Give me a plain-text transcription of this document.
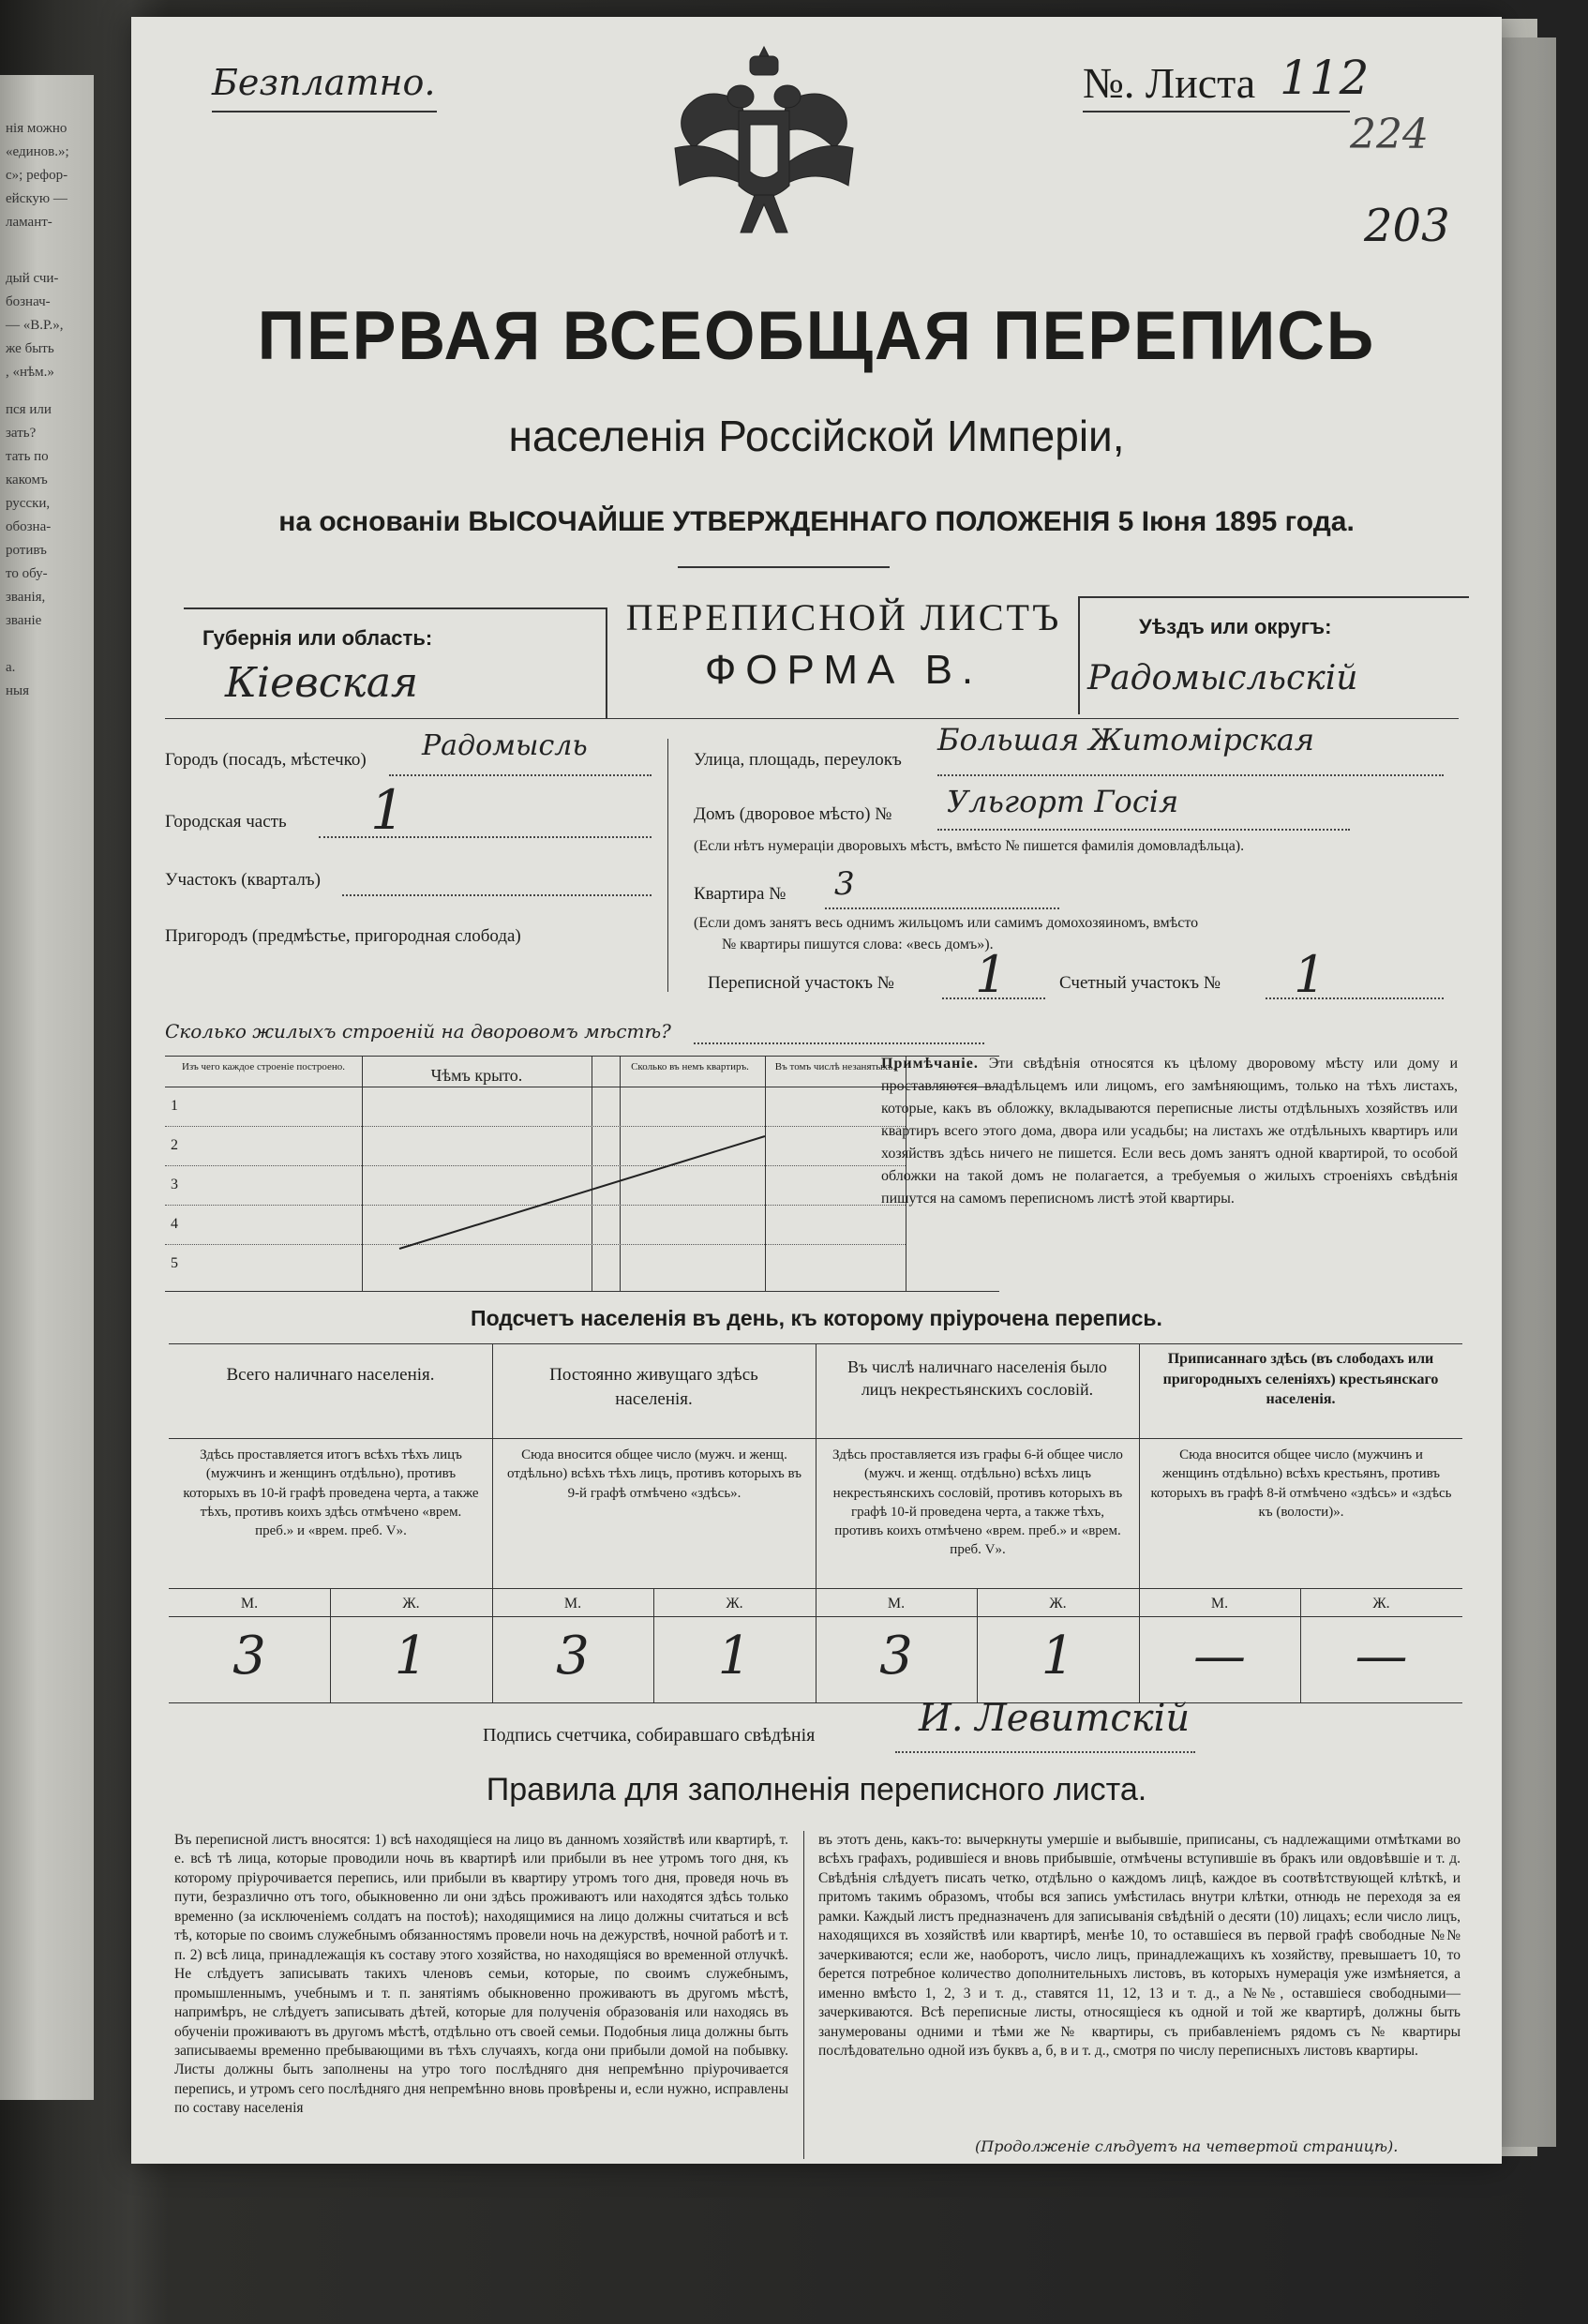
нія можно
«единов.»;
с»; рефор-
ейскую —
ламант-
дый счи-
бознач-
— «В.Р.»,
же быть
, «нѣм.»
пся или
зать?
тать по
какомъ
русски,
обозна-
ротивъ
то обу-
званія,
званіе
а.
ныя
Безплатно.	№. Листа 112
224
203
ПЕРВАЯ ВСЕОБЩАЯ ПЕРЕПИСЬ
населенія Россійской Имперіи,
на основаніи ВЫСОЧАЙШЕ УТВЕРЖДЕННАГО ПОЛОЖЕНІЯ 5 Іюня 1895 года.
Губернія или область:
Кіевская
ПЕРЕПИСНОЙ ЛИСТЪ
ФОРМА В.
Уѣздъ или округъ:
Радомысльскій
Городъ (посадъ, мѣстечко) Радомысль
Городская часть 1
Участокъ (кварталъ)
Пригородъ (предмѣстье, пригородная слобода)
Улица, площадь, переулокъ
Большая Житомірская
Домъ (дворовое мѣсто) № Ульгорт Госія
(Если нѣтъ нумераціи дворовыхъ мѣстъ, вмѣсто № пишется фамилія домовладѣльца).
Квартира № 3
(Если домъ занятъ весь однимъ жильцомъ или самимъ домохозяиномъ, вмѣсто
№ квартиры пишутся слова: «весь домъ»).
Переписной участокъ № 1	Счетный участокъ № 1
Сколько жилыхъ строеній на дворовомъ мѣстѣ?
Изъ чего каждое строеніе построено.	Чѣмъ крыто.	Сколько въ немъ квартиръ.	Въ томъ числѣ незанятыхъ.
1
2
3
4
5
Примѣчаніе. Эти свѣдѣнія относятся къ цѣлому дворовому мѣсту или дому и проставляются владѣльцемъ или лицомъ, его замѣняющимъ, только на тѣхъ листахъ, которые, какъ въ обложку, вкладываются переписные листы отдѣльныхъ хозяйствъ или квартиръ всего этого дома, двора или усадьбы; на листахъ же отдѣльныхъ квартиръ или хозяйствъ здѣсь ничего не пишется. Если весь домъ занятъ одной квартирой, то особой обложки на такой домъ не полагается, а требуемыя о жилыхъ строеніяхъ свѣдѣнія пишутся на самомъ переписномъ листѣ этой квартиры.
Подсчетъ населенія въ день, къ которому пріурочена перепись.
Всего наличнаго населенія.
Здѣсь проставляется итогъ всѣхъ тѣхъ лицъ (мужчинъ и женщинъ отдѣльно), противъ которыхъ въ 10-й графѣ проведена черта, а также тѣхъ, противъ коихъ здѣсь отмѣчено «врем. преб.» и «врем. преб. V».
Постоянно живущаго здѣсь населенія.
Сюда вносится общее число (мужч. и женщ. отдѣльно) всѣхъ тѣхъ лицъ, противъ которыхъ въ 9-й графѣ отмѣчено «здѣсь».
Въ числѣ наличнаго населенія было лицъ некрестьянскихъ сословій.
Здѣсь проставляется изъ графы 6-й общее число (мужч. и женщ. отдѣльно) всѣхъ лицъ некрестьянскихъ сословій, противъ которыхъ въ графѣ 10-й проведена черта, а также тѣхъ, противъ коихъ отмѣчено «врем. преб.» и «врем. преб. V».
Приписаннаго здѣсь (въ слободахъ или пригородныхъ селеніяхъ) крестьянскаго населенія.
Сюда вносится общее число (мужчинъ и женщинъ отдѣльно) всѣхъ крестьянъ, противъ которыхъ въ графѣ 8-й отмѣчено «здѣсь» и «здѣсь къ (волости)».
М.	Ж.	М.	Ж.	М.	Ж.	М.	Ж.
3	1	3	1	3	1	—	—
Подпись счетчика, собиравшаго свѣдѣнія	И. Левитскій
Правила для заполненія переписного листа.
Въ переписной листъ вносятся: 1) всѣ находящіеся на лицо въ данномъ хозяйствѣ или квартирѣ, т. е. всѣ тѣ лица, которые проводили ночь въ квартирѣ или прибыли въ нее утромъ того дня, къ которому пріурочивается перепись, или прибыли въ квартиру утромъ того дня, проведя ночь въ пути, безразлично отъ того, обыкновенно ли они здѣсь проживаютъ или находятся здѣсь только временно (за исключеніемъ солдатъ на постоѣ); находящимися на лицо должны считаться и всѣ тѣ, которые по своимъ служебнымъ обязанностямъ провели ночь на дежурствѣ, ночной работѣ и т. п. 2) всѣ лица, принадлежащія къ составу этого хозяйства, но находящіяся во временной отлучкѣ. Не слѣдуетъ записывать такихъ членовъ семьи, которые, по своимъ служебнымъ, промышленнымъ, учебнымъ и т. п. занятіямъ обыкновенно проживаютъ въ другомъ мѣстѣ, напримѣръ, не слѣдуетъ записывать дѣтей, которые для полученія образованія или находясь въ обученіи проживаютъ въ другомъ мѣстѣ, отдѣльно отъ своей семьи. Подобныя лица должны быть записываемы временно пребывающими въ тѣхъ случаяхъ, когда они прибыли домой на побывку. Листы должны быть заполнены на утро того послѣдняго дня непремѣнно пріурочивается перепись, и утромъ сего послѣдняго дня непремѣнно вновь провѣрены и, если нужно, исправлены по составу населенія
въ этотъ день, какъ-то: вычеркнуты умершіе и выбывшіе, приписаны, съ надлежащими отмѣтками во всѣхъ графахъ, родившіеся и вновь прибывшіе, отмѣчены вступившіе въ бракъ или овдовѣвшіе и т. д. Свѣдѣнія слѣдуетъ писать четко, отдѣльно о каждомъ лицѣ, каждое въ соотвѣтствующей клѣткѣ, и притомъ такимъ образомъ, чтобы вся запись умѣстилась внутри клѣтки, отнюдь не переходя за ея рамки. Каждый листъ предназначенъ для записыванія свѣдѣній о десяти (10) лицахъ; если число лицъ, находящихся въ хозяйствѣ или квартирѣ, менѣе 10, то оставшіеся въ первой графѣ свободные №№ зачеркиваются; если же, наоборотъ, число лицъ, принадлежащихъ къ хозяйству, превышаетъ 10, то берется потребное количество дополнительныхъ листовъ, въ которыхъ нумерація уже измѣняется, а именно вмѣсто 1, 2, 3 и т. д., ставятся 11, 12, 13 и т. д., а №№, оставшіеся свободными—зачеркиваются. Всѣ переписные листы, относящіеся къ одной и той же квартирѣ, должны быть занумерованы одними и тѣми же № квартиры, съ прибавленіемъ рядомъ съ № квартиры послѣдовательно одной изъ буквъ а, б, в и т. д., смотря по числу переписныхъ листовъ квартиры.
(Продолженіе слѣдуетъ на четвертой страницѣ).
